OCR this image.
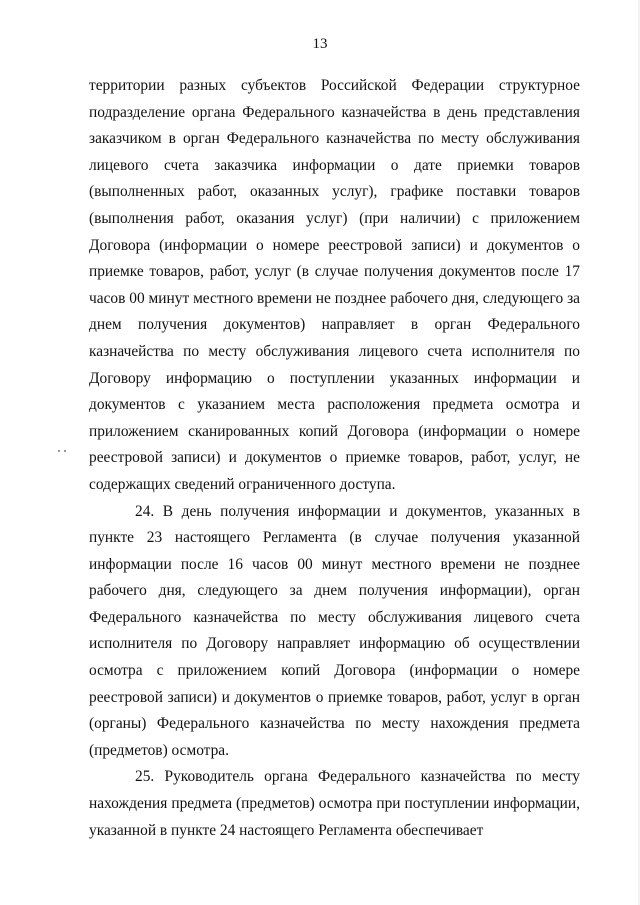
13

территории разных субъектов Российской Федерации структурное подразделение органа Федерального казначейства в день представления заказчиком в орган Федерального казначейства по месту обслуживания лицевого счета заказчика информации о дате приемки товаров (выполненных работ, оказанных услуг), графике поставки товаров (выполнения работ, оказания услуг) (при наличии) с приложением Договора (информации о номере реестровой записи) и документов о приемке товаров, работ, услуг (в случае получения документов после 17 часов 00 минут местного времени не позднее рабочего дня, следующего за днем получения документов) направляет в орган Федерального казначейства по месту обслуживания лицевого счета исполнителя по Договору информацию о поступлении указанных информации и документов с указанием места расположения предмета осмотра и приложением сканированных копий Договора (информации о номере реестровой записи) и документов о приемке товаров, работ, услуг, не содержащих сведений ограниченного доступа.

24. В день получения информации и документов, указанных в пункте 23 настоящего Регламента (в случае получения указанной информации после 16 часов 00 минут местного времени не позднее рабочего дня, следующего за днем получения информации), орган Федерального казначейства по месту обслуживания лицевого счета исполнителя по Договору направляет информацию об осуществлении осмотра с приложением копий Договора (информации о номере реестровой записи) и документов о приемке товаров, работ, услуг в орган (органы) Федерального казначейства по месту нахождения предмета (предметов) осмотра.

25. Руководитель органа Федерального казначейства по месту нахождения предмета (предметов) осмотра при поступлении информации, указанной в пункте 24 настоящего Регламента обеспечивает
